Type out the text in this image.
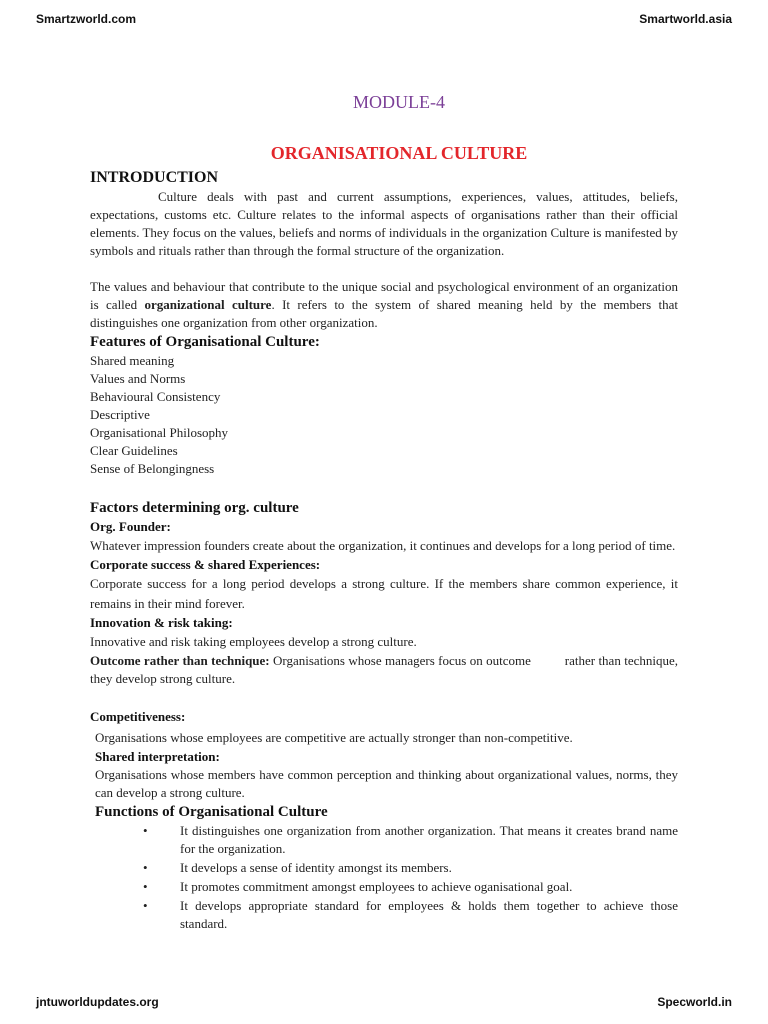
Smartzworld.com	Smartworld.asia
MODULE-4
ORGANISATIONAL CULTURE
INTRODUCTION

Culture deals with past and current assumptions, experiences, values, attitudes, beliefs, expectations, customs etc. Culture relates to the informal aspects of organisations rather than their official elements. They focus on the values, beliefs and norms of individuals in the organization Culture is manifested by symbols and rituals rather than through the formal structure of the organization.

The values and behaviour that contribute to the unique social and psychological environment of an organization is called organizational culture. It refers to the system of shared meaning held by the members that distinguishes one organization from other organization.

Features of Organisational Culture:
Shared meaning
Values and Norms
Behavioural Consistency
Descriptive
Organisational Philosophy
Clear Guidelines
Sense of Belongingness
Factors determining org. culture
Org. Founder:

Whatever impression founders create about the organization, it continues and develops for a long period of time.

Corporate success & shared Experiences:

Corporate success for a long period develops a strong culture. If the members share common experience, it remains in their mind forever.

Innovation & risk taking:

Innovative and risk taking employees develop a strong culture.

Outcome rather than technique: Organisations whose managers focus on outcome          rather than technique, they develop strong culture.

Competitiveness:

Organisations whose employees are competitive are actually stronger than non-competitive.

Shared interpretation:

Organisations whose members have common perception and thinking about organizational values, norms, they can develop a strong culture.

Functions of Organisational Culture
• It distinguishes one organization from another organization. That means it creates brand name for the organization.
• It develops a sense of identity amongst its members.
• It promotes commitment amongst employees to achieve oganisational goal.
• It develops appropriate standard for employees & holds them together to achieve those standard.
jntuworldupdates.org	Specworld.in
